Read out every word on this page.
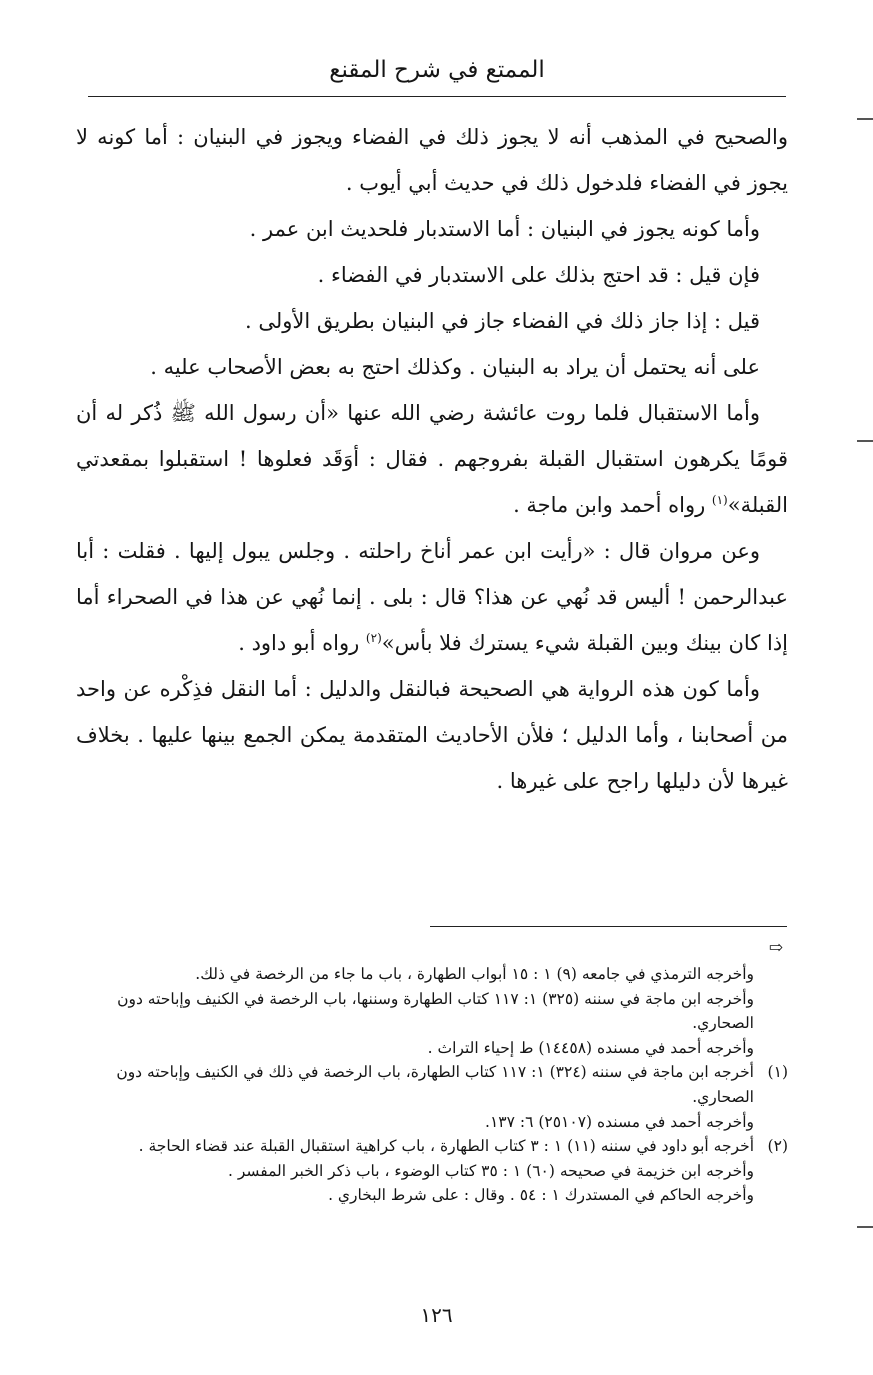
الممتع في شرح المقنع

والصحيح في المذهب أنه لا يجوز ذلك في الفضاء ويجوز في البنيان : أما كونه لا يجوز في الفضاء فلدخول ذلك في حديث أبي أيوب .

وأما كونه يجوز في البنيان : أما الاستدبار فلحديث ابن عمر .

فإن قيل : قد احتج بذلك على الاستدبار في الفضاء .

قيل : إذا جاز ذلك في الفضاء جاز في البنيان بطريق الأولى .

على أنه يحتمل أن يراد به البنيان . وكذلك احتج به بعض الأصحاب عليه .

وأما الاستقبال فلما روت عائشة رضي الله عنها «أن رسول الله ﷺ ذُكر له أن قومًا يكرهون استقبال القبلة بفروجهم . فقال : أوَقَد فعلوها ! استقبلوا بمقعدتي القبلة»$^{(١)}$ رواه أحمد وابن ماجة .

وعن مروان قال : «رأيت ابن عمر أناخ راحلته . وجلس يبول إليها . فقلت : أبا عبدالرحمن ! أليس قد نُهي عن هذا؟ قال : بلى . إنما نُهي عن هذا في الصحراء أما إذا كان بينك وبين القبلة شيء يسترك فلا بأس»$^{(٢)}$ رواه أبو داود .

وأما كون هذه الرواية هي الصحيحة فبالنقل والدليل : أما النقل فذِكْره عن واحد من أصحابنا ، وأما الدليل ؛ فلأن الأحاديث المتقدمة يمكن الجمع بينها عليها . بخلاف غيرها لأن دليلها راجح على غيرها .

⇨

وأخرجه الترمذي في جامعه (٩) ١ : ١٥ أبواب الطهارة ، باب ما جاء من الرخصة في ذلك.

وأخرجه ابن ماجة في سننه (٣٢٥) ١: ١١٧ كتاب الطهارة وسننها، باب الرخصة في الكنيف وإباحته دون الصحاري.

وأخرجه أحمد في مسنده (١٤٤٥٨) ط إحياء التراث .

(١)
أخرجه ابن ماجة في سننه (٣٢٤) ١: ١١٧ كتاب الطهارة، باب الرخصة في ذلك في الكنيف وإباحته دون الصحاري.

وأخرجه أحمد في مسنده (٢٥١٠٧) ٦: ١٣٧.

(٢)
أخرجه أبو داود في سننه (١١) ١ : ٣ كتاب الطهارة ، باب كراهية استقبال القبلة عند قضاء الحاجة .

وأخرجه ابن خزيمة في صحيحه (٦٠) ١ : ٣٥ كتاب الوضوء ، باب ذكر الخبر المفسر .

وأخرجه الحاكم في المستدرك ١ : ٥٤ . وقال : على شرط البخاري .

١٢٦
